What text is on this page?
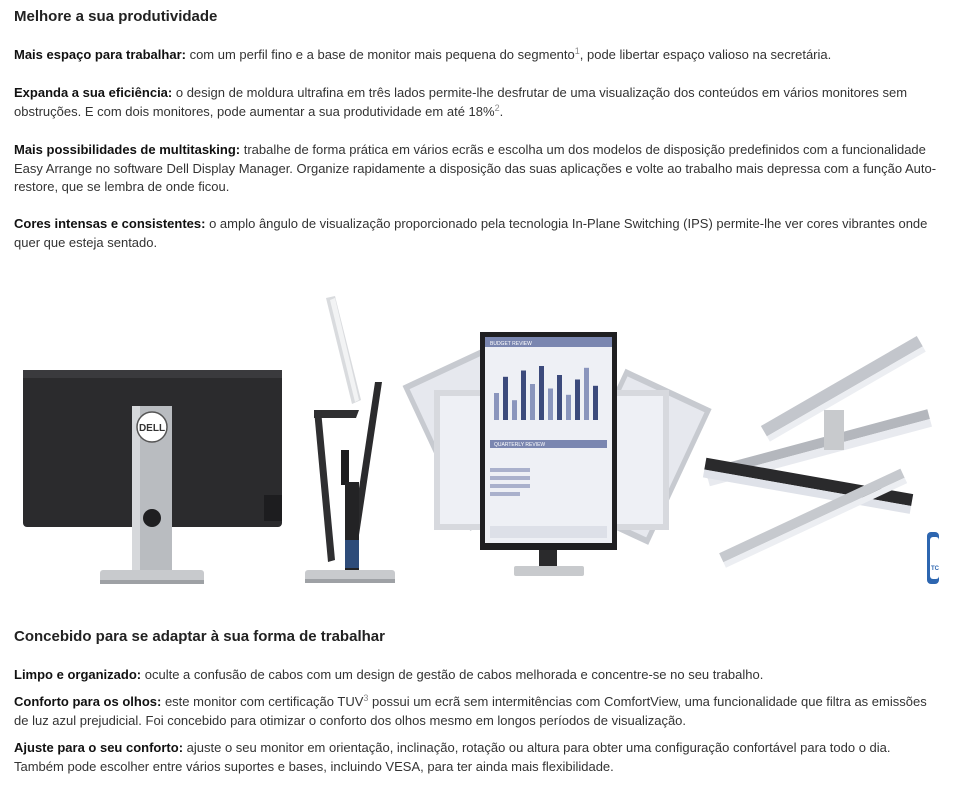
Melhore a sua produtividade

Mais espaço para trabalhar: com um perfil fino e a base de monitor mais pequena do segmento$^1$, pode libertar espaço valioso na secretária.

Expanda a sua eficiência: o design de moldura ultrafina em três lados permite-lhe desfrutar de uma visualização dos conteúdos em vários monitores sem obstruções. E com dois monitores, pode aumentar a sua produtividade em até 18%$^2$.

Mais possibilidades de multitasking: trabalhe de forma prática em vários ecrãs e escolha um dos modelos de disposição predefinidos com a funcionalidade Easy Arrange no software Dell Display Manager. Organize rapidamente a disposição das suas aplicações e volte ao trabalho mais depressa com a função Auto-restore, que se lembra de onde ficou.

Cores intensas e consistentes: o amplo ângulo de visualização proporcionado pela tecnologia In-Plane Switching (IPS) permite-lhe ver cores vibrantes onde quer que esteja sentado.

DELL
BUDGET REVIEW
QUARTERLY REVIEW
TC
Concebido para se adaptar à sua forma de trabalhar

Limpo e organizado: oculte a confusão de cabos com um design de gestão de cabos melhorada e concentre-se no seu trabalho.

Conforto para os olhos: este monitor com certificação TUV$^3$ possui um ecrã sem intermitências com ComfortView, uma funcionalidade que filtra as emissões de luz azul prejudicial. Foi concebido para otimizar o conforto dos olhos mesmo em longos períodos de visualização.

Ajuste para o seu conforto: ajuste o seu monitor em orientação, inclinação, rotação ou altura para obter uma configuração confortável para todo o dia. Também pode escolher entre vários suportes e bases, incluindo VESA, para ter ainda mais flexibilidade.
